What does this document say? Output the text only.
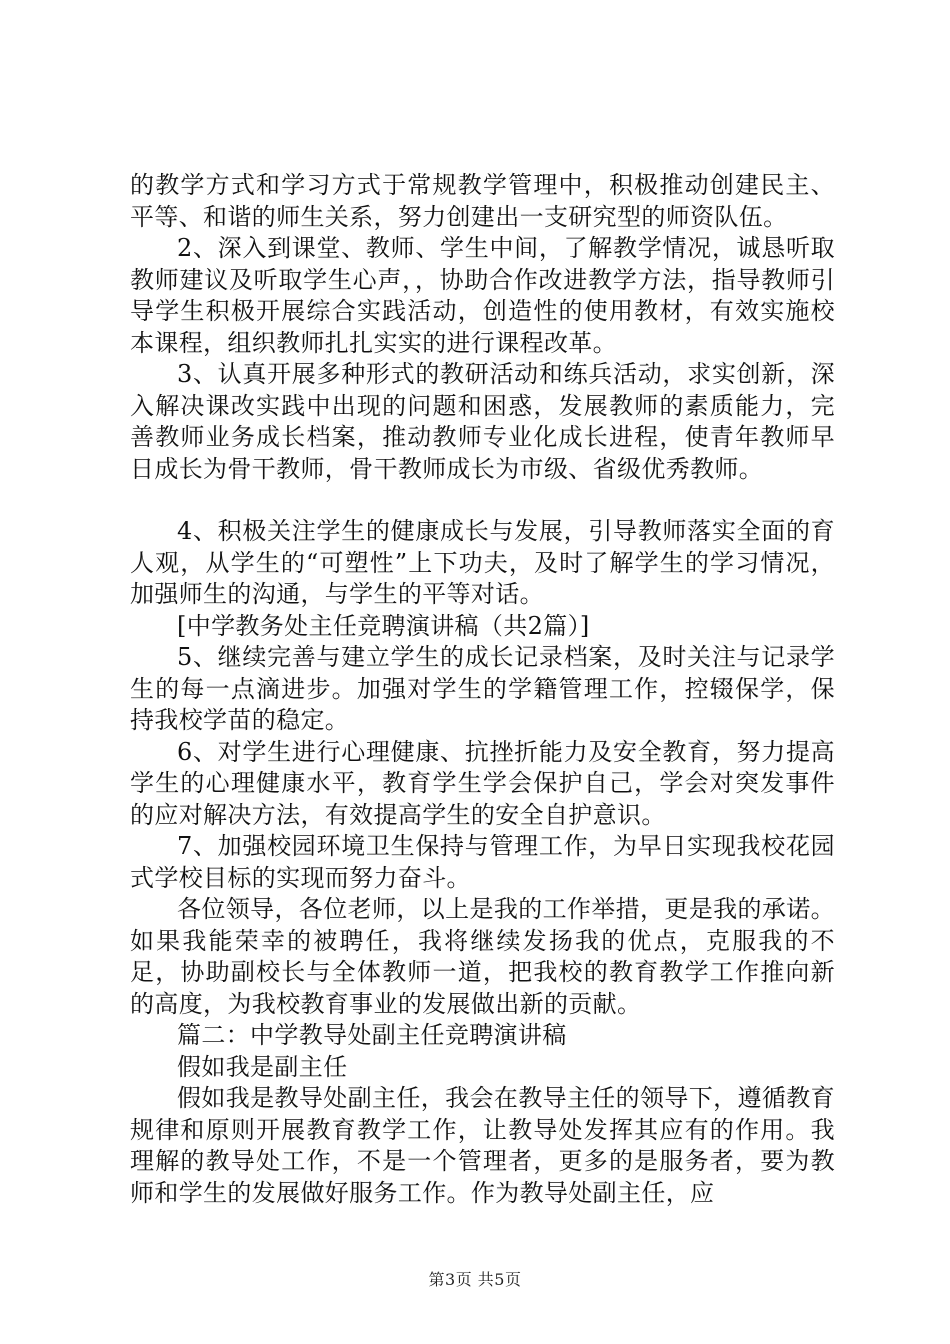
的教学方式和学习方式于常规教学管理中，积极推动创建民主、平等、和谐的师生关系，努力创建出一支研究型的师资队伍。

2、深入到课堂、教师、学生中间，了解教学情况，诚恳听取教师建议及听取学生心声，，协助合作改进教学方法，指导教师引导学生积极开展综合实践活动，创造性的使用教材，有效实施校本课程，组织教师扎扎实实的进行课程改革。

3、认真开展多种形式的教研活动和练兵活动，求实创新，深入解决课改实践中出现的问题和困惑，发展教师的素质能力，完善教师业务成长档案，推动教师专业化成长进程，使青年教师早日成长为骨干教师，骨干教师成长为市级、省级优秀教师。

4、积极关注学生的健康成长与发展，引导教师落实全面的育人观，从学生的“可塑性”上下功夫，及时了解学生的学习情况，加强师生的沟通，与学生的平等对话。

[中学教务处主任竞聘演讲稿（共2篇）]

5、继续完善与建立学生的成长记录档案，及时关注与记录学生的每一点滴进步。加强对学生的学籍管理工作，控辍保学，保持我校学苗的稳定。

6、对学生进行心理健康、抗挫折能力及安全教育，努力提高学生的心理健康水平，教育学生学会保护自己，学会对突发事件的应对解决方法，有效提高学生的安全自护意识。

7、加强校园环境卫生保持与管理工作，为早日实现我校花园式学校目标的实现而努力奋斗。

各位领导，各位老师，以上是我的工作举措，更是我的承诺。如果我能荣幸的被聘任，我将继续发扬我的优点，克服我的不足，协助副校长与全体教师一道，把我校的教育教学工作推向新的高度，为我校教育事业的发展做出新的贡献。

篇二：中学教导处副主任竞聘演讲稿

假如我是副主任

假如我是教导处副主任，我会在教导主任的领导下，遵循教育规律和原则开展教育教学工作，让教导处发挥其应有的作用。我理解的教导处工作，不是一个管理者，更多的是服务者，要为教师和学生的发展做好服务工作。作为教导处副主任，应

第3页 共5页
